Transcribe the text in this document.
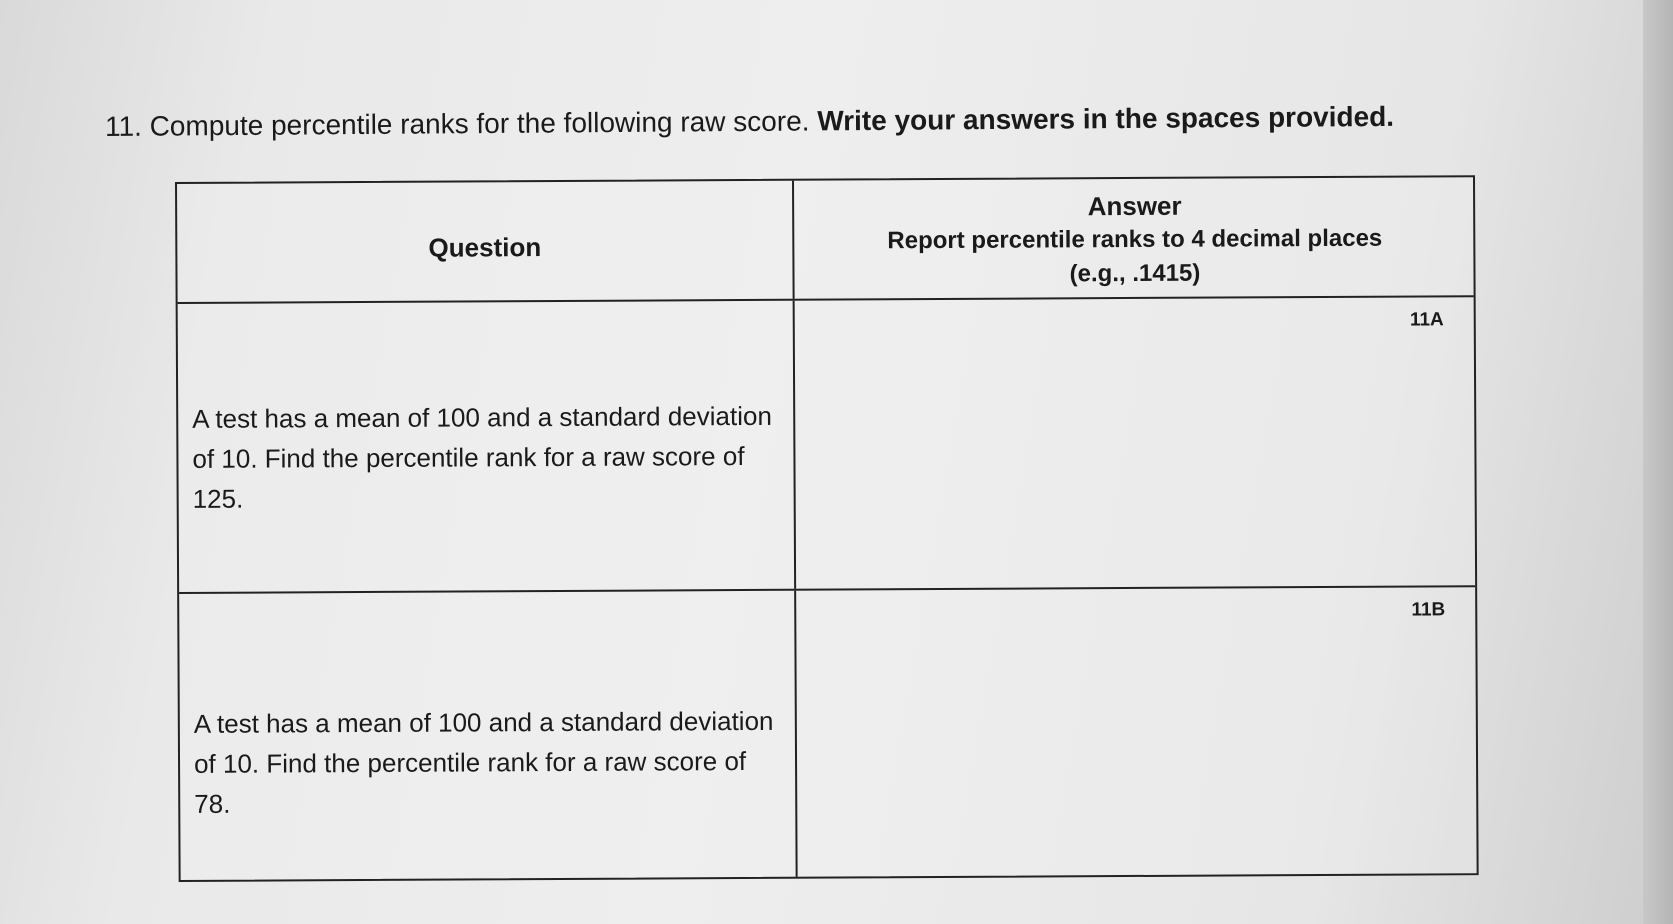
11. Compute percentile ranks for the following raw score. Write your answers in the spaces provided.
Question
Answer
Report percentile ranks to 4 decimal places
(e.g., .1415)
A test has a mean of 100 and a standard deviation of 10. Find the percentile rank for a raw score of 125.
11A
A test has a mean of 100 and a standard deviation of 10. Find the percentile rank for a raw score of 78.
11B
